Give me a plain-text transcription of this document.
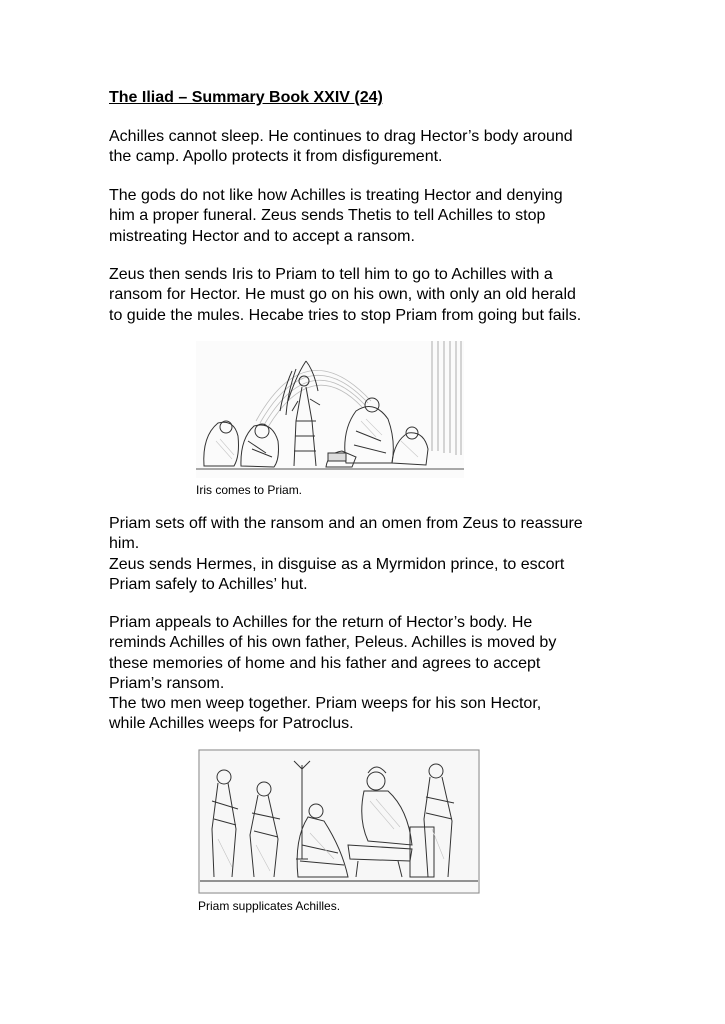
The Iliad – Summary Book XXIV (24)

Achilles cannot sleep. He continues to drag Hector’s body around
the camp. Apollo protects it from disfigurement.

The gods do not like how Achilles is treating Hector and denying
him a proper funeral. Zeus sends Thetis to tell Achilles to stop
mistreating Hector and to accept a ransom.

Zeus then sends Iris to Priam to tell him to go to Achilles with a
ransom for Hector. He must go on his own, with only an old herald
to guide the mules. Hecabe tries to stop Priam from going but fails.

Iris comes to Priam.

Priam sets off with the ransom and an omen from Zeus to reassure
him.
Zeus sends Hermes, in disguise as a Myrmidon prince, to escort
Priam safely to Achilles’ hut.

Priam appeals to Achilles for the return of Hector’s body. He
reminds Achilles of his own father, Peleus. Achilles is moved by
these memories of home and his father and agrees to accept
Priam’s ransom.
The two men weep together. Priam weeps for his son Hector,
while Achilles weeps for Patroclus.

Priam supplicates Achilles.
